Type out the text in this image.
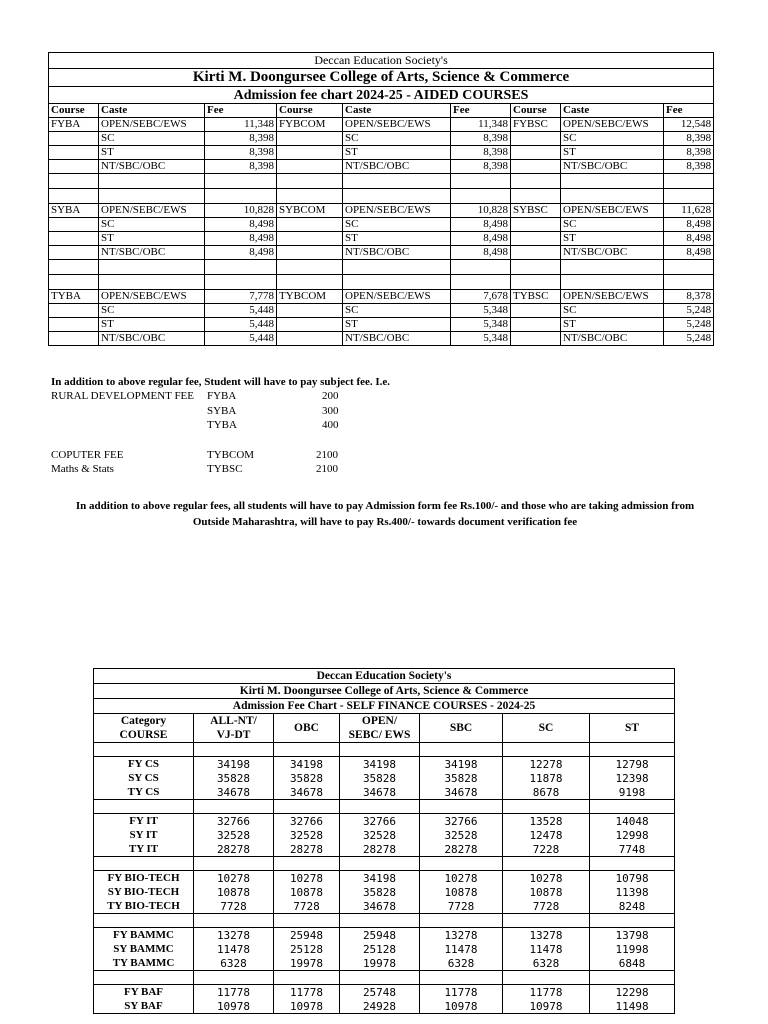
Deccan Education Society's								
Kirti M. Doongursee College of Arts, Science & Commerce								
Admission fee chart 2024-25 - AIDED COURSES								
Course	Caste	Fee	Course	Caste	Fee	Course	Caste	Fee
FYBA	OPEN/SEBC/EWS	11,348	FYBCOM	OPEN/SEBC/EWS	11,348	FYBSC	OPEN/SEBC/EWS	12,548
	SC	8,398		SC	8,398		SC	8,398
	ST	8,398		ST	8,398		ST	8,398
	NT/SBC/OBC	8,398		NT/SBC/OBC	8,398		NT/SBC/OBC	8,398

SYBA	OPEN/SEBC/EWS	10,828	SYBCOM	OPEN/SEBC/EWS	10,828	SYBSC	OPEN/SEBC/EWS	11,628
	SC	8,498		SC	8,498		SC	8,498
	ST	8,498		ST	8,498		ST	8,498
	NT/SBC/OBC	8,498		NT/SBC/OBC	8,498		NT/SBC/OBC	8,498

TYBA	OPEN/SEBC/EWS	7,778	TYBCOM	OPEN/SEBC/EWS	7,678	TYBSC	OPEN/SEBC/EWS	8,378
	SC	5,448		SC	5,348		SC	5,248
	ST	5,448		ST	5,348		ST	5,248
	NT/SBC/OBC	5,448		NT/SBC/OBC	5,348		NT/SBC/OBC	5,248
In addition to above regular fee, Student will have to pay subject fee. I.e.
RURAL DEVELOPMENT FEE FYBA	200
SYBA	300
TYBA	400
COPUTER FEE	TYBCOM	2100
Maths & Stats	TYBSC	2100
In addition to above regular fees, all students will have to pay Admission form fee Rs.100/- and those who are taking admission from
Outside Maharashtra, will have to pay Rs.400/- towards document verification fee
Deccan Education Society's						
Kirti M. Doongursee College of Arts, Science & Commerce						
Admission Fee Chart - SELF FINANCE COURSES - 2024-25						
Category	ALL-NT/	OBC	OPEN/	SBC	SC	ST
COURSE	VJ-DT		SEBC/ EWS			

FY CS	34198	34198	34198	34198	12278	12798
SY CS	35828	35828	35828	35828	11878	12398
TY CS	34678	34678	34678	34678	8678	9198

FY IT	32766	32766	32766	32766	13528	14048
SY IT	32528	32528	32528	32528	12478	12998
TY IT	28278	28278	28278	28278	7228	7748

FY BIO-TECH	10278	10278	34198	10278	10278	10798
SY BIO-TECH	10878	10878	35828	10878	10878	11398
TY BIO-TECH	7728	7728	34678	7728	7728	8248

FY BAMMC	13278	25948	25948	13278	13278	13798
SY BAMMC	11478	25128	25128	11478	11478	11998
TY BAMMC	6328	19978	19978	6328	6328	6848

FY BAF	11778	11778	25748	11778	11778	12298
SY BAF	10978	10978	24928	10978	10978	11498
